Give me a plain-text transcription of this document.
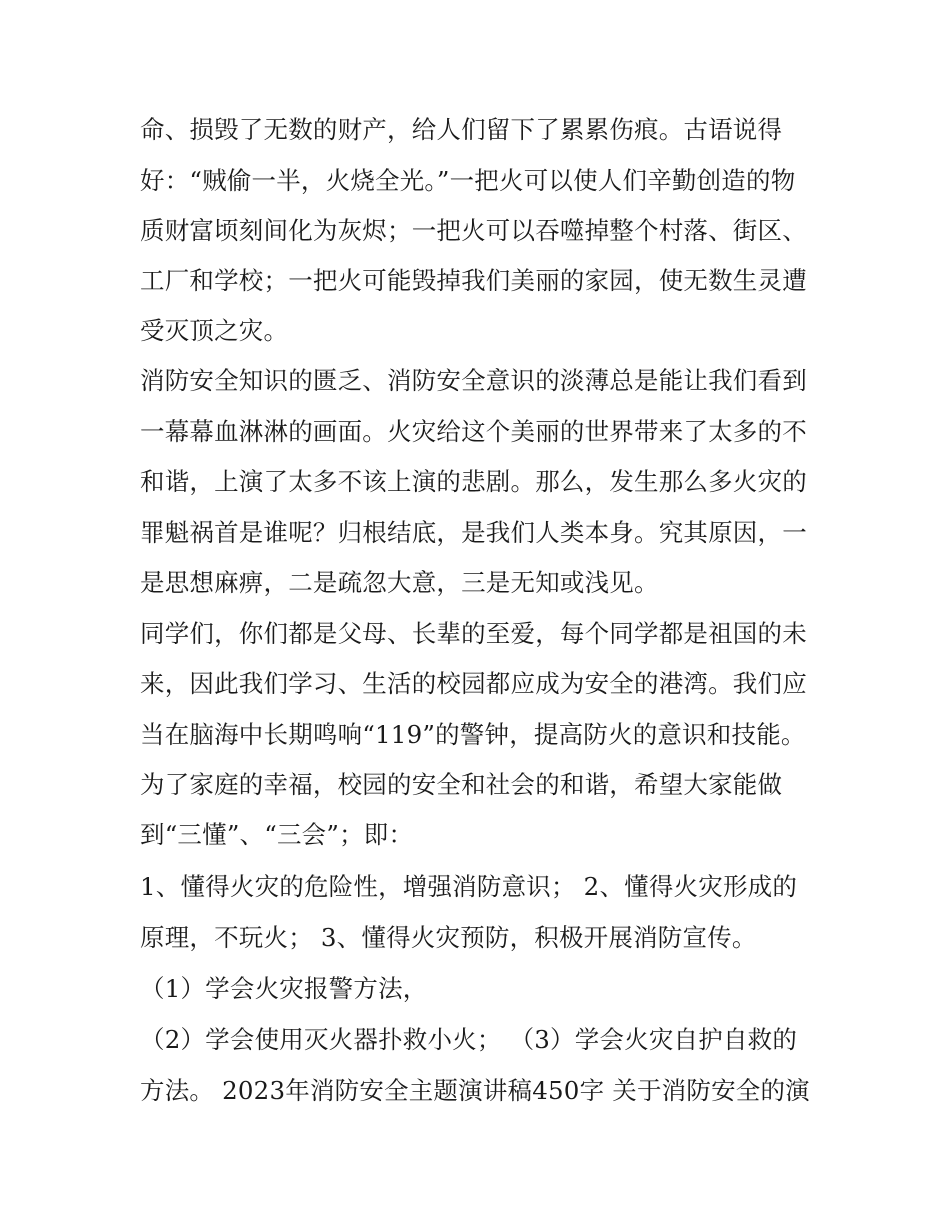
命、损毁了无数的财产，给人们留下了累累伤痕。古语说得
好：“贼偷一半，火烧全光。”一把火可以使人们辛勤创造的物
质财富顷刻间化为灰烬；一把火可以吞噬掉整个村落、街区、
工厂和学校；一把火可能毁掉我们美丽的家园，使无数生灵遭
受灭顶之灾。
消防安全知识的匮乏、消防安全意识的淡薄总是能让我们看到
一幕幕血淋淋的画面。火灾给这个美丽的世界带来了太多的不
和谐，上演了太多不该上演的悲剧。那么，发生那么多火灾的
罪魁祸首是谁呢？归根结底，是我们人类本身。究其原因，一
是思想麻痹，二是疏忽大意，三是无知或浅见。
同学们，你们都是父母、长辈的至爱，每个同学都是祖国的未
来，因此我们学习、生活的校园都应成为安全的港湾。我们应
当在脑海中长期鸣响“119”的警钟，提高防火的意识和技能。
为了家庭的幸福，校园的安全和社会的和谐，希望大家能做
到“三懂”、“三会”；即：
1、懂得火灾的危险性，增强消防意识； 2、懂得火灾形成的
原理，不玩火； 3、懂得火灾预防，积极开展消防宣传。
（1）学会火灾报警方法，
（2）学会使用灭火器扑救小火； （3）学会火灾自护自救的
方法。 2023年消防安全主题演讲稿450字 关于消防安全的演
